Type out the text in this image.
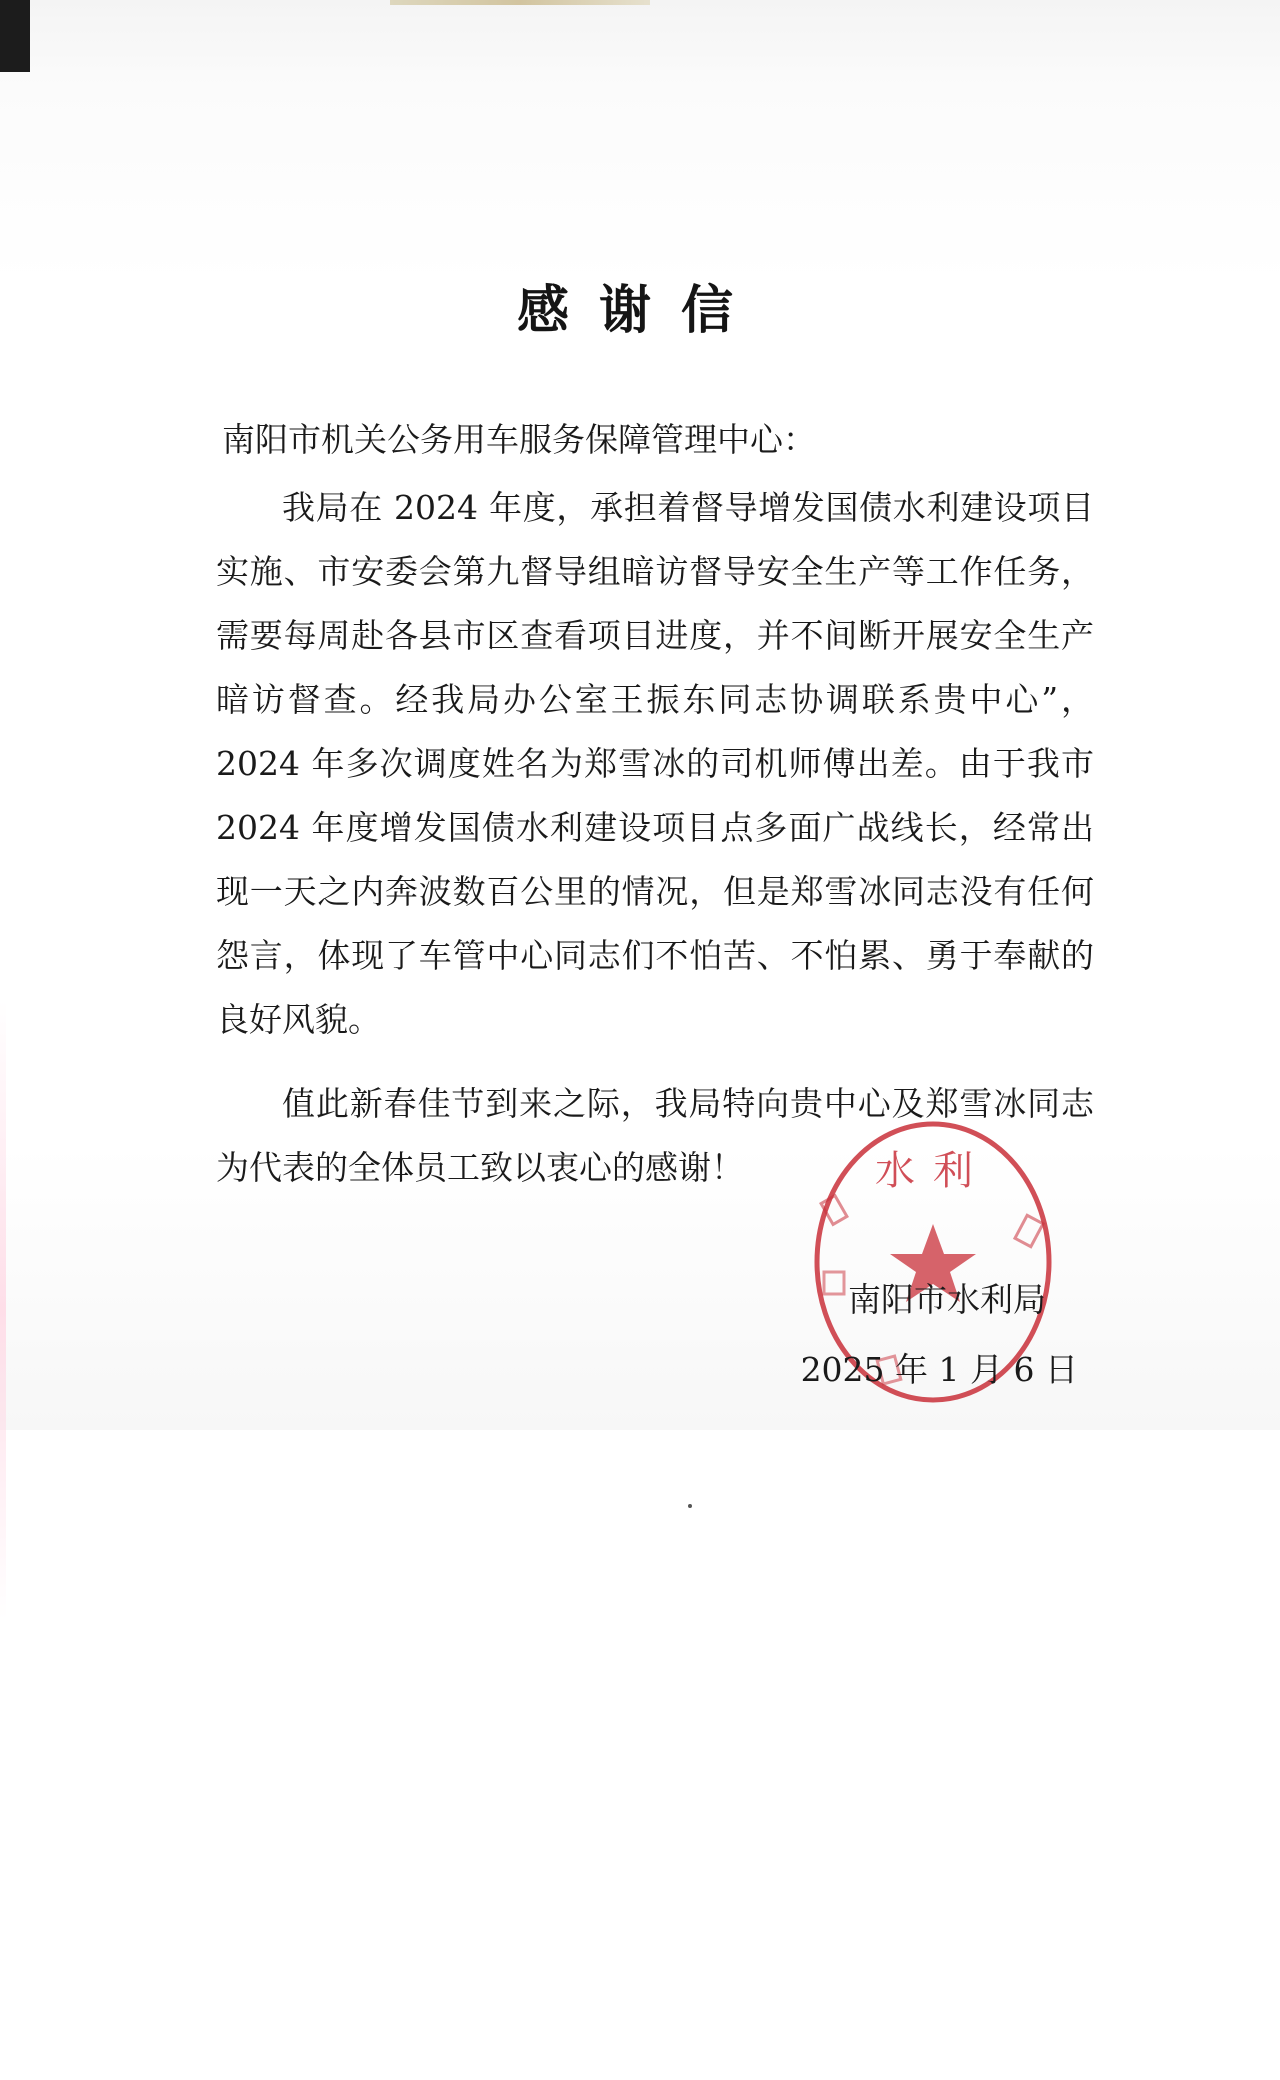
感谢信
南阳市机关公务用车服务保障管理中心：

我局在 2024 年度，承担着督导增发国债水利建设项目实施、市安委会第九督导组暗访督导安全生产等工作任务，需要每周赴各县市区查看项目进度，并不间断开展安全生产暗访督查。经我局办公室王振东同志协调联系贵中心”，2024 年多次调度姓名为郑雪冰的司机师傅出差。由于我市 2024 年度增发国债水利建设项目点多面广战线长，经常出现一天之内奔波数百公里的情况，但是郑雪冰同志没有任何怨言，体现了车管中心同志们不怕苦、不怕累、勇于奉献的良好风貌。

值此新春佳节到来之际，我局特向贵中心及郑雪冰同志为代表的全体员工致以衷心的感谢！	水利
南阳市水利局
2025 年 1 月 6 日
